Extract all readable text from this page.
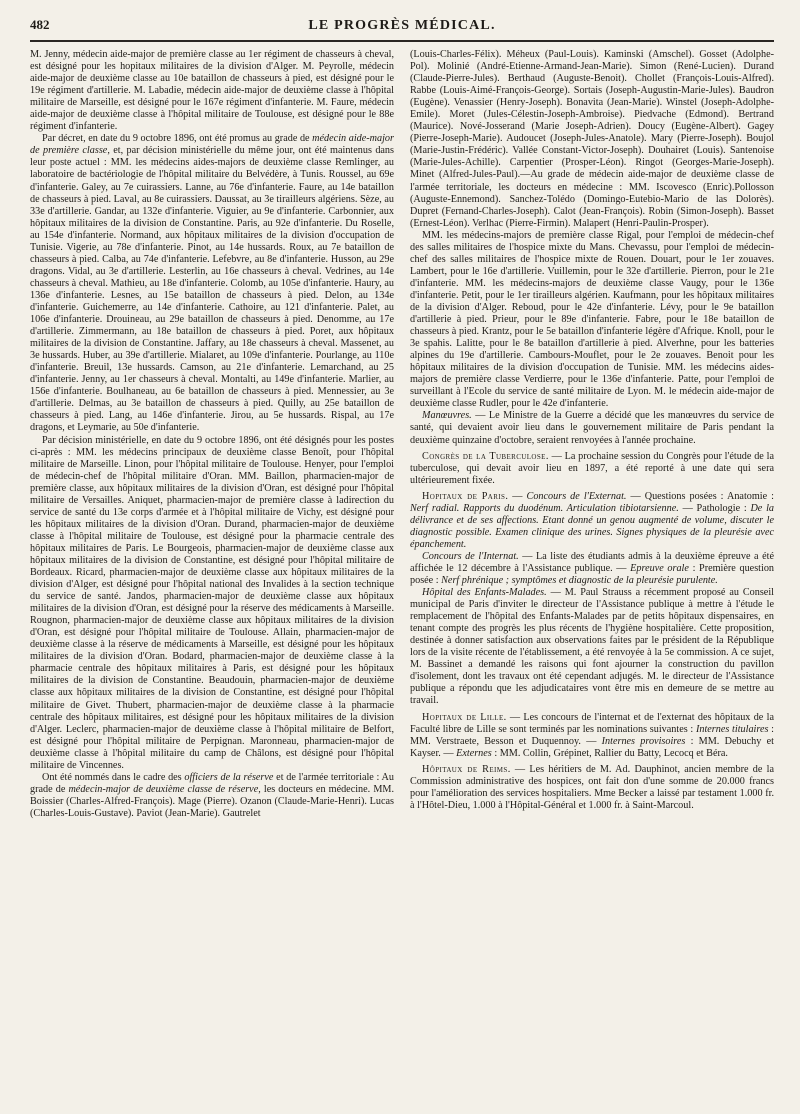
482	LE PROGRÈS MÉDICAL.

M. Jenny, médecin aide-major de première classe au 1er régiment de chasseurs à cheval, est désigné pour les hopitaux militaires de la division d'Alger. M. Peyrolle, médecin aide-major de deuxième classe au 10e bataillon de chasseurs à pied, est désigné pour le 19e régiment d'artillerie. M. Labadie, médecin aide-major de deuxième classe à l'hôpital militaire de Marseille, est désigné pour le 167e régiment d'infanterie. M. Faure, médecin aide-major de deuxième classe à l'hôpital militaire de Toulouse, est désigné pour le 88e régiment d'infanterie.

Par décret, en date du 9 octobre 1896, ont été promus au grade de médecin aide-major de première classe, et, par décision ministérielle du même jour, ont été maintenus dans leur poste actuel : MM. les médecins aides-majors de deuxième classe Remlinger, au laboratoire de bactériologie de l'hôpital militaire du Belvédère, à Tunis. Roussel, au 69e d'infanterie. Galey, au 7e cuirassiers. Lanne, au 76e d'infanterie. Faure, au 14e bataillon de chasseurs à pied. Laval, au 8e cuirassiers. Daussat, au 3e tirailleurs algériens. Sèze, au 33e d'artillerie. Gandar, au 132e d'infanterie. Viguier, au 9e d'infanterie. Carbonnier, aux hôpitaux militaires de la division de Constantine. Paris, au 92e d'infanterie. Du Roselle, au 154e d'infanterie. Normand, aux hôpitaux militaires de la division d'occupation de Tunisie. Vigerie, au 78e d'infanterie. Pinot, au 14e hussards. Roux, au 7e bataillon de chasseurs à pied. Calba, au 74e d'infanterie. Lefebvre, au 8e d'infanterie. Husson, au 29e dragons. Vidal, au 3e d'artillerie. Lesterlin, au 16e chasseurs à cheval. Vedrines, au 14e chasseurs à cheval. Mathieu, au 18e d'infanterie. Colomb, au 105e d'infanterie. Haury, au 136e d'infanterie. Lesnes, au 15e bataillon de chasseurs à pied. Delon, au 134e d'infanterie. Guichemerre, au 14e d'infanterie. Cathoire, au 121 d'infanterie. Palet, au 106e d'infanterie. Drouineau, au 29e bataillon de chasseurs à pied. Denomme, au 17e d'artillerie. Zimmermann, au 18e bataillon de chasseurs à pied. Poret, aux hôpitaux militaires de la division de Constantine. Jaffary, au 18e chasseurs à cheval. Massenet, au 3e hussards. Huber, au 39e d'artillerie. Mialaret, au 109e d'infanterie. Pourlange, au 110e d'infanterie. Breuil, 13e hussards. Camson, au 21e d'infanterie. Lemarchand, au 25 d'infanterie. Jenny, au 1er chasseurs à cheval. Montalti, au 149e d'infanterie. Marlier, au 156e d'infanterie. Boulhaneau, au 6e bataillon de chasseurs à pied. Mennessier, au 3e d'artillerie. Delmas, au 3e bataillon de chasseurs à pied. Quilly, au 25e bataillon de chasseurs à pied. Lang, au 146e d'infanterie. Jirou, au 5e hussards. Rispal, au 17e dragons, et Leymarie, au 50e d'infanterie.

Par décision ministérielle, en date du 9 octobre 1896, ont été désignés pour les postes ci-après : MM. les médecins principaux de deuxième classe Benoît, pour l'hôpital militaire de Marseille. Linon, pour l'hôpital militaire de Toulouse. Henyer, pour l'emploi de médecin-chef de l'hôpital militaire d'Oran. MM. Baillon, pharmacien-major de première classe, aux hôpitaux militaires de la division d'Oran, est désigné pour l'hôpital militaire de Versailles. Aniquet, pharmacien-major de première classe à ladirection du service de santé du 13e corps d'armée et à l'hôpital militaire de Vichy, est désigné pour les hôpitaux militaires de la division d'Oran. Durand, pharmacien-major de deuxième classe à l'hôpital militaire de Toulouse, est désigné pour la pharmacie centrale des hôpitaux militaires de Paris. Le Bourgeois, pharmacien-major de deuxième classe aux hôpitaux militaires de la division de Constantine, est désigné pour l'hôpital militaire de Bordeaux. Ricard, pharmacien-major de deuxième classe aux hôpitaux militaires de la division d'Alger, est désigné pour l'hôpital national des Invalides à la section technique du service de santé. Jandos, pharmacien-major de deuxième classe aux hôpitaux militaires de la division d'Oran, est désigné pour la réserve des médicaments à Marseille. Rougnon, pharmacien-major de deuxième classe aux hôpitaux militaires de la division d'Oran, est désigné pour l'hôpital militaire de Toulouse. Allain, pharmacien-major de deuxième classe à la réserve de médicaments à Marseille, est désigné pour les hôpitaux militaires de la division d'Oran. Bodard, pharmacien-major de deuxième classe à la pharmacie centrale des hôpitaux militaires à Paris, est désigné pour les hôpitaux militaires de la division de Constantine. Beaudouin, pharmacien-major de deuxième classe aux hôpitaux militaires de la division de Constantine, est désigné pour l'hôpital militaire de Givet. Thubert, pharmacien-major de deuxième classe à la pharmacie centrale des hôpitaux militaires, est désigné pour les hôpitaux militaires de la division d'Alger. Leclerc, pharmacien-major de deuxième classe à l'hôpital militaire de Belfort, est désigné pour l'hôpital militaire de Perpignan. Maronneau, pharmacien-major de deuxième classe à l'hôpital militaire du camp de Châlons, est désigné pour l'hôpital militaire de Vincennes.

Ont été nommés dans le cadre des officiers de la réserve et de l'armée territoriale : Au grade de médecin-major de deuxième classe de réserve, les docteurs en médecine. MM. Boissier (Charles-Alfred-François). Mage (Pierre). Ozanon (Claude-Marie-Henri). Lucas (Charles-Louis-Gustave). Paviot (Jean-Marie). Gautrelet

(Louis-Charles-Félix). Méheux (Paul-Louis). Kaminski (Amschel). Gosset (Adolphe-Pol). Molinié (André-Etienne-Armand-Jean-Marie). Simon (René-Lucien). Durand (Claude-Pierre-Jules). Berthaud (Auguste-Benoit). Chollet (François-Louis-Alfred). Rabbe (Louis-Aimé-François-George). Sortais (Joseph-Augustin-Marie-Jules). Baudron (Eugène). Venassier (Henry-Joseph). Bonavita (Jean-Marie). Winstel (Joseph-Adolphe-Emile). Moret (Jules-Célestin-Joseph-Ambroise). Piedvache (Edmond). Bertrand (Maurice). Nové-Josserand (Marie Joseph-Adrien). Doucy (Eugène-Albert). Gagey (Pierre-Joseph-Marie). Audoucet (Joseph-Jules-Anatole). Mary (Pierre-Joseph). Boujol (Marie-Justin-Frédéric). Vallée Constant-Victor-Joseph). Douhairet (Louis). Santenoise (Marie-Jules-Achille). Carpentier (Prosper-Léon). Ringot (Georges-Marie-Joseph). Minet (Alfred-Jules-Paul).—Au grade de médecin aide-major de deuxième classe de l'armée territoriale, les docteurs en médecine : MM. Iscovesco (Enric).Pollosson (Auguste-Ennemond). Sanchez-Tolédo (Domingo-Eutebio-Mario de las Dolorès). Dupret (Fernand-Charles-Joseph). Calot (Jean-François). Robin (Simon-Joseph). Basset (Ernest-Léon). Verlhac (Pierre-Firmin). Malapert (Henri-Paulin-Prosper).

MM. les médecins-majors de première classe Rigal, pour l'emploi de médecin-chef des salles militaires de l'hospice mixte du Mans. Chevassu, pour l'emploi de médecin-chef des salles militaires de l'hospice mixte de Rouen. Douart, pour le 1er zouaves. Lambert, pour le 16e d'artillerie. Vuillemin, pour le 32e d'artillerie. Pierron, pour le 21e d'infanterie. MM. les médecins-majors de deuxième classe Vaugy, pour le 136e d'infanterie. Petit, pour le 1er tirailleurs algérien. Kaufmann, pour les hôpitaux militaires de la division d'Alger. Reboud, pour le 42e d'infanterie. Lévy, pour le 9e bataillon d'artillerie à pied. Prieur, pour le 89e d'infanterie. Fabre, pour le 18e bataillon de chasseurs à pied. Krantz, pour le 5e bataillon d'infanterie légère d'Afrique. Knoll, pour le 3e spahis. Lalitte, pour le 8e bataillon d'artillerie à pied. Alverhne, pour les batteries alpines du 19e d'artillerie. Cambours-Mouflet, pour le 2e zouaves. Benoit pour les hôpitaux militaires de la division d'occupation de Tunisie. MM. les médecins aides-majors de première classe Verdierre, pour le 136e d'infanterie. Patte, pour l'emploi de surveillant à l'Ecole du service de santé militaire de Lyon. M. le médecin aide-major de deuxième classe Rudler, pour le 42e d'infanterie.

Manœuvres. — Le Ministre de la Guerre a décidé que les manœuvres du service de santé, qui devaient avoir lieu dans le gouvernement militaire de Paris pendant la deuxième quinzaine d'octobre, seraient renvoyées à l'année prochaine.

Congrès de la Tuberculose. — La prochaine session du Congrès pour l'étude de la tuberculose, qui devait avoir lieu en 1897, a été reporté à une date qui sera ultérieurement fixée.

Hopitaux de Paris. — Concours de l'Externat. — Questions posées : Anatomie : Nerf radial. Rapports du duodénum. Articulation tibiotarsienne. — Pathologie : De la délivrance et de ses affections. Etant donné un genou augmenté de volume, discuter le diagnostic possible. Examen clinique des urines. Signes physiques de la pleurésie avec épanchement.

Concours de l'Internat. — La liste des étudiants admis à la deuxième épreuve a été affichée le 12 décembre à l'Assistance publique. — Epreuve orale : Première question posée : Nerf phrénique ; symptômes et diagnostic de la pleurésie purulente.

Hôpital des Enfants-Malades. — M. Paul Strauss a récemment proposé au Conseil municipal de Paris d'inviter le directeur de l'Assistance publique à mettre à l'étude le remplacement de l'hôpital des Enfants-Malades par de petits hôpitaux dispensaires, en tenant compte des progrès les plus récents de l'hygiène hospitalière. Cette proposition, destinée à donner satisfaction aux observations faites par le président de la République lors de la visite récente de l'établissement, a été renvoyée à la 5e commission. A ce sujet, M. Bassinet a demandé les raisons qui font ajourner la construction du pavillon d'isolement, dont les travaux ont été cependant adjugés. M. le directeur de l'Assistance publique a répondu que les adjudicataires vont être mis en demeure de se mettre au travail.

Hopitaux de Lille. — Les concours de l'internat et de l'externat des hôpitaux de la Faculté libre de Lille se sont terminés par les nominations suivantes : Internes titulaires : MM. Verstraete, Besson et Duquennoy. — Internes provisoires : MM. Debuchy et Kayser. — Externes : MM. Collin, Grépinet, Rallier du Batty, Lecocq et Béra.

Hôpitaux de Reims. — Les héritiers de M. Ad. Dauphinot, ancien membre de la Commission administrative des hospices, ont fait don d'une somme de 20.000 francs pour l'amélioration des services hospitaliers. Mme Becker a laissé par testament 1.000 fr. à l'Hôtel-Dieu, 1.000 à l'Hôpital-Général et 1.000 fr. à Saint-Marcoul.
